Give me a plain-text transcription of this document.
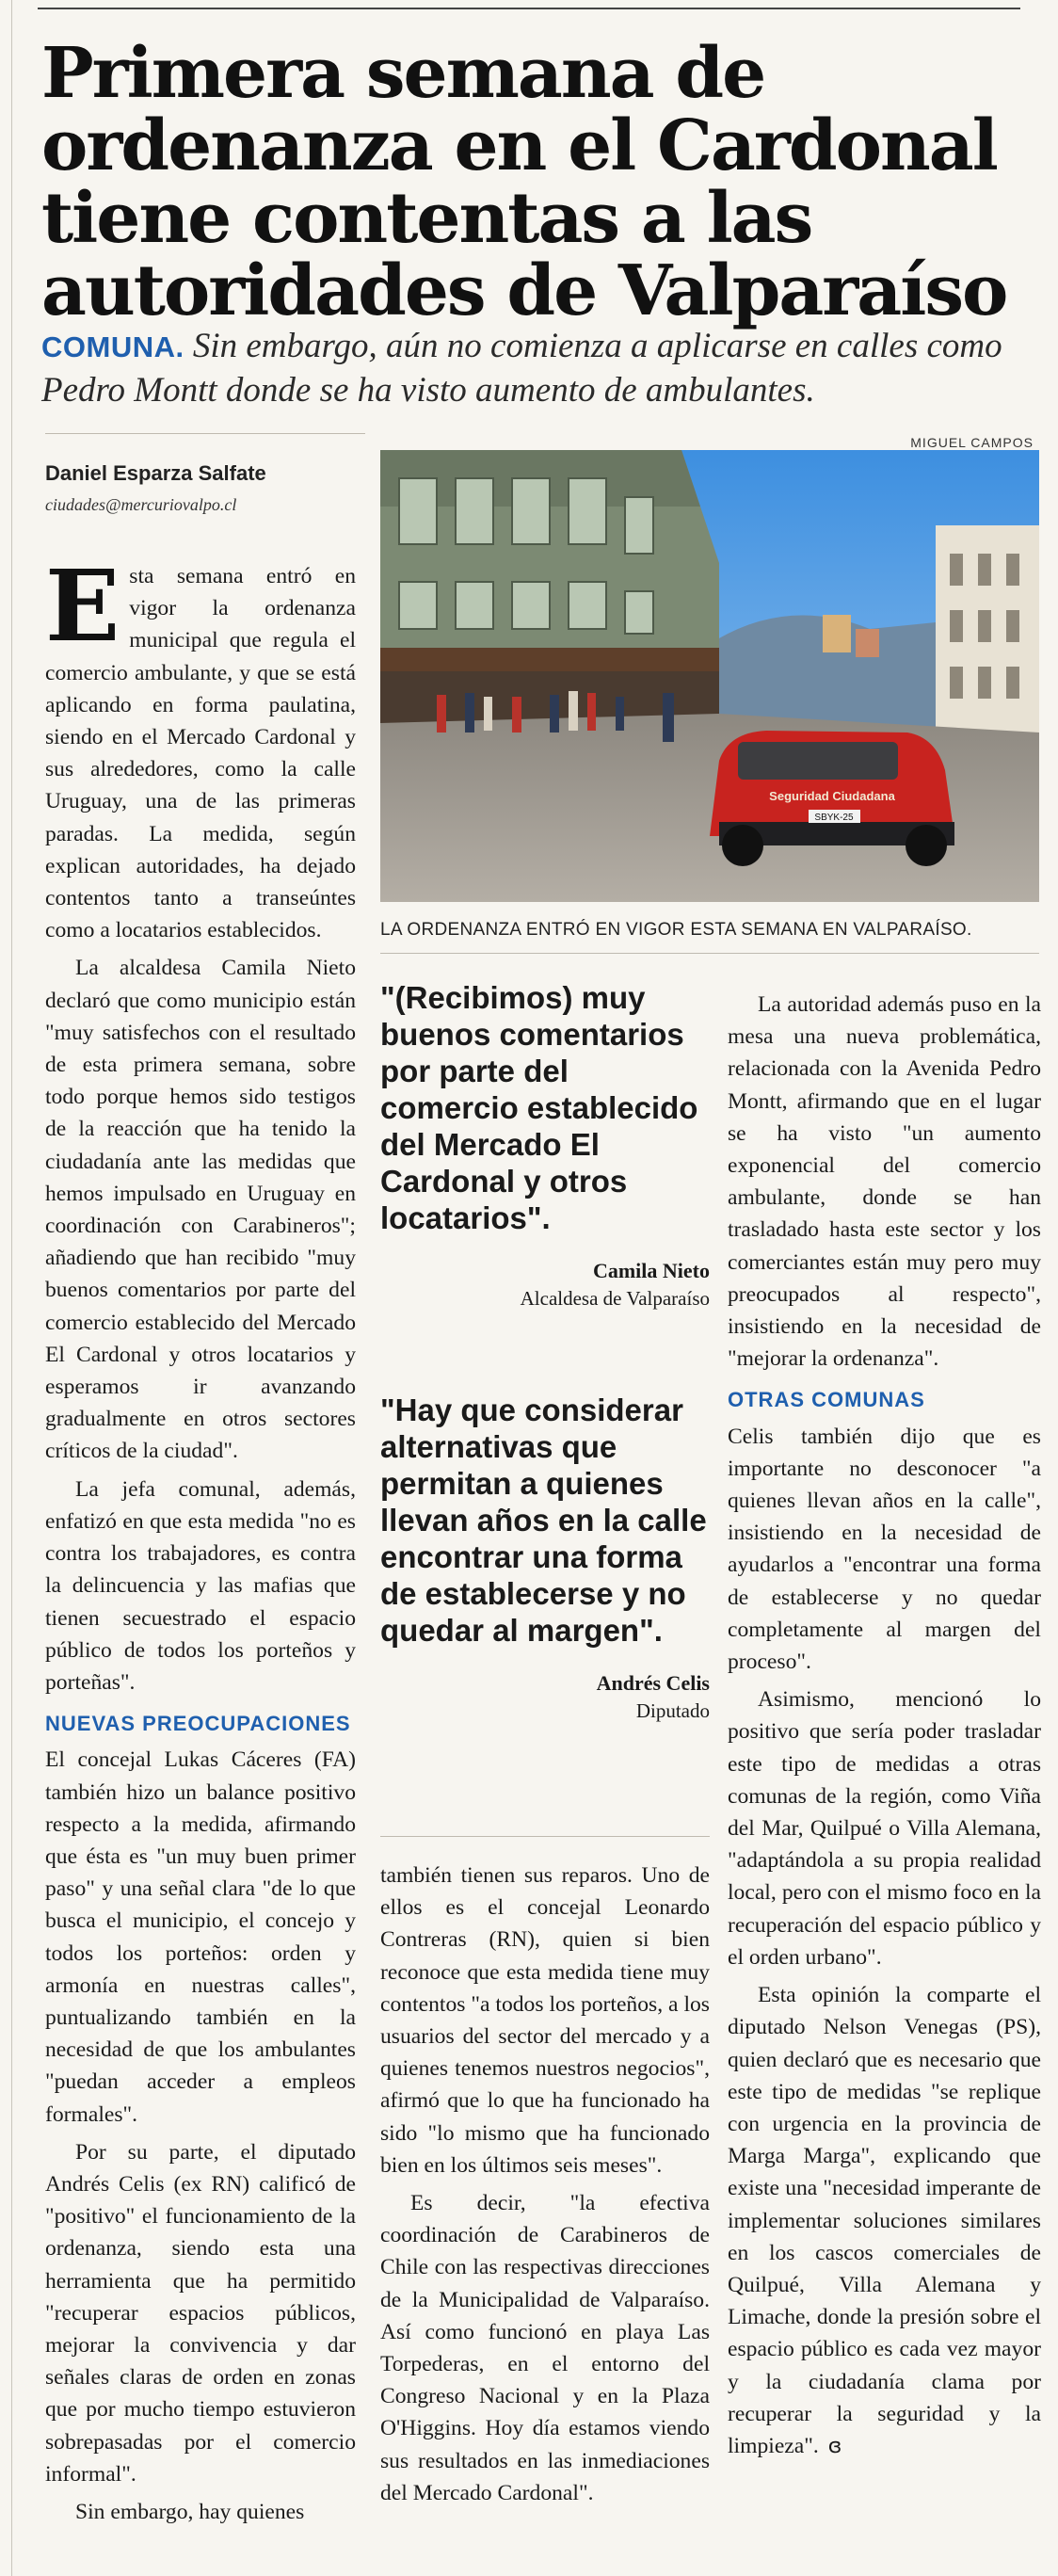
Primera semana de ordenanza en el Cardonal tiene contentas a las autoridades de Valparaíso

COMUNA. Sin embargo, aún no comienza a aplicarse en calles como Pedro Montt donde se ha visto aumento de ambulantes.

Daniel Esparza Salfate
ciudades@mercuriovalpo.cl
MIGUEL CAMPOS
Seguridad Ciudadana
SBYK-25
LA ORDENANZA ENTRÓ EN VIGOR ESTA SEMANA EN VALPARAÍSO.

Esta semana entró en vigor la ordenanza municipal que regula el comercio ambulante, y que se está aplicando en forma paulatina, siendo en el Mercado Cardonal y sus alrededores, como la calle Uruguay, una de las primeras paradas. La medida, según explican autoridades, ha dejado contentos tanto a transeúntes como a locatarios establecidos.

La alcaldesa Camila Nieto declaró que como municipio están "muy satisfechos con el resultado de esta primera semana, sobre todo porque hemos sido testigos de la reacción que ha tenido la ciudadanía ante las medidas que hemos impulsado en Uruguay en coordinación con Carabineros"; añadiendo que han recibido "muy buenos comentarios por parte del comercio establecido del Mercado El Cardonal y otros locatarios y esperamos ir avanzando gradualmente en otros sectores críticos de la ciudad".

La jefa comunal, además, enfatizó en que esta medida "no es contra los trabajadores, es contra la delincuencia y las mafias que tienen secuestrado el espacio público de todos los porteños y porteñas".

NUEVAS PREOCUPACIONES

El concejal Lukas Cáceres (FA) también hizo un balance positivo respecto a la medida, afirmando que ésta es "un muy buen primer paso" y una señal clara "de lo que busca el municipio, el concejo y todos los porteños: orden y armonía en nuestras calles", puntualizando también en la necesidad de que los ambulantes "puedan acceder a empleos formales".

Por su parte, el diputado Andrés Celis (ex RN) calificó de "positivo" el funcionamiento de la ordenanza, siendo esta una herramienta que ha permitido "recuperar espacios públicos, mejorar la convivencia y dar señales claras de orden en zonas que por mucho tiempo estuvieron sobrepasadas por el comercio informal".

Sin embargo, hay quienes

"(Recibimos) muy buenos comentarios por parte del comercio establecido del Mercado El Cardonal y otros locatarios".
Camila Nieto
Alcaldesa de Valparaíso
"Hay que considerar alternativas que permitan a quienes llevan años en la calle encontrar una forma de establecerse y no quedar al margen".
Andrés Celis
Diputado

también tienen sus reparos. Uno de ellos es el concejal Leonardo Contreras (RN), quien si bien reconoce que esta medida tiene muy contentos "a todos los porteños, a los usuarios del sector del mercado y a quienes tenemos nuestros negocios", afirmó que lo que ha funcionado ha sido "lo mismo que ha funcionado bien en los últimos seis meses".

Es decir, "la efectiva coordinación de Carabineros de Chile con las respectivas direcciones de la Municipalidad de Valparaíso. Así como funcionó en playa Las Torpederas, en el entorno del Congreso Nacional y en la Plaza O'Higgins. Hoy día estamos viendo sus resultados en las inmediaciones del Mercado Cardonal".

La autoridad además puso en la mesa una nueva problemática, relacionada con la Avenida Pedro Montt, afirmando que en el lugar se ha visto "un aumento exponencial del comercio ambulante, donde se han trasladado hasta este sector y los comerciantes están muy pero muy preocupados al respecto", insistiendo en la necesidad de "mejorar la ordenanza".

OTRAS COMUNAS

Celis también dijo que es importante no desconocer "a quienes llevan años en la calle", insistiendo en la necesidad de ayudarlos a "encontrar una forma de establecerse y no quedar completamente al margen del proceso".

Asimismo, mencionó lo positivo que sería poder trasladar este tipo de medidas a otras comunas de la región, como Viña del Mar, Quilpué o Villa Alemana, "adaptándola a su propia realidad local, pero con el mismo foco en la recuperación del espacio público y el orden urbano".

Esta opinión la comparte el diputado Nelson Venegas (PS), quien declaró que es necesario que este tipo de medidas "se replique con urgencia en la provincia de Marga Marga", explicando que existe una "necesidad imperante de implementar soluciones similares en los cascos comerciales de Quilpué, Villa Alemana y Limache, donde la presión sobre el espacio público es cada vez mayor y la ciudadanía clama por recuperar la seguridad y la limpieza". ɞ
